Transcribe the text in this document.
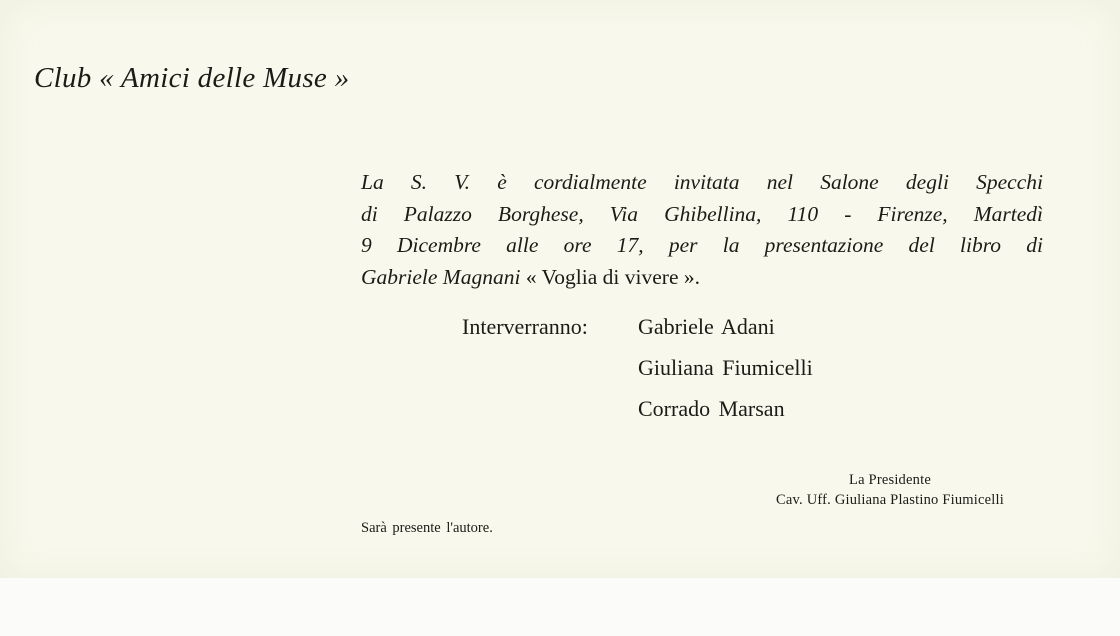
Club « Amici delle Muse »
La S. V. è cordialmente invitata nel Salone degli Specchi
di Palazzo Borghese, Via Ghibellina, 110 - Firenze, Martedì
9 Dicembre alle ore 17, per la presentazione del libro di
Gabriele Magnani « Voglia di vivere ».
Interverranno: Gabriele Adani
Giuliana Fiumicelli
Corrado Marsan
La Presidente
Cav. Uff. Giuliana Plastino Fiumicelli
Sarà presente l'autore.
